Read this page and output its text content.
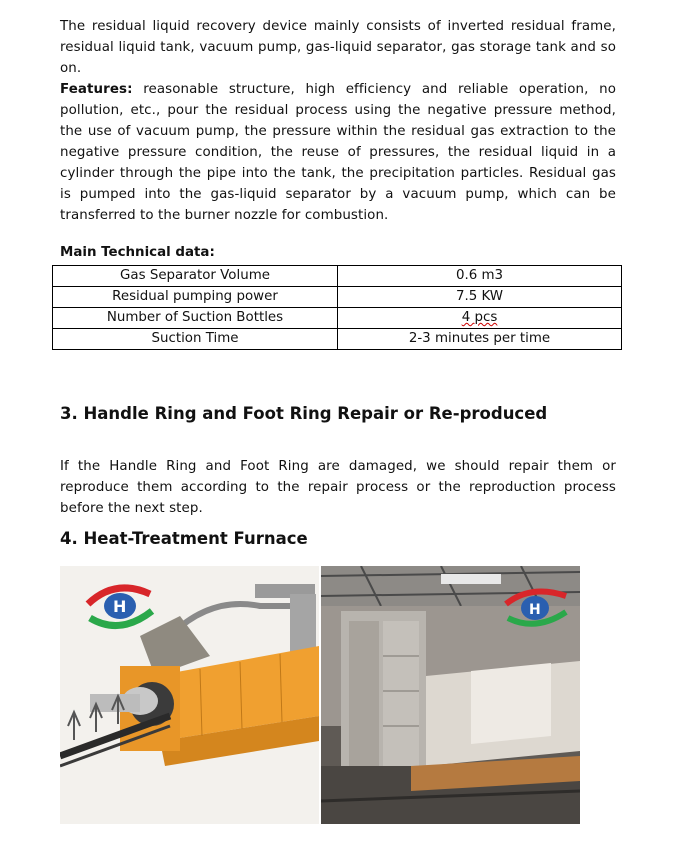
The residual liquid recovery device mainly consists of inverted residual frame, residual liquid tank, vacuum pump, gas-liquid separator, gas storage tank and so on.

Features: reasonable structure, high efficiency and reliable operation, no pollution, etc., pour the residual process using the negative pressure method, the use of vacuum pump, the pressure within the residual gas extraction to the negative pressure condition, the reuse of pressures, the residual liquid in a cylinder through the pipe into the tank, the precipitation particles. Residual gas is pumped into the gas-liquid separator by a vacuum pump, which can be transferred to the burner nozzle for combustion.

Main Technical data:
Gas Separator Volume	0.6 m3
Residual pumping power	7.5 KW
Number of Suction Bottles	4 pcs
Suction Time	2-3 minutes per time
3. Handle Ring and Foot Ring Repair or Re-produced

If the Handle Ring and Foot Ring are damaged, we should repair them or reproduce them according to the repair process or the reproduction process before the next step.

4. Heat-Treatment Furnace
H	H
